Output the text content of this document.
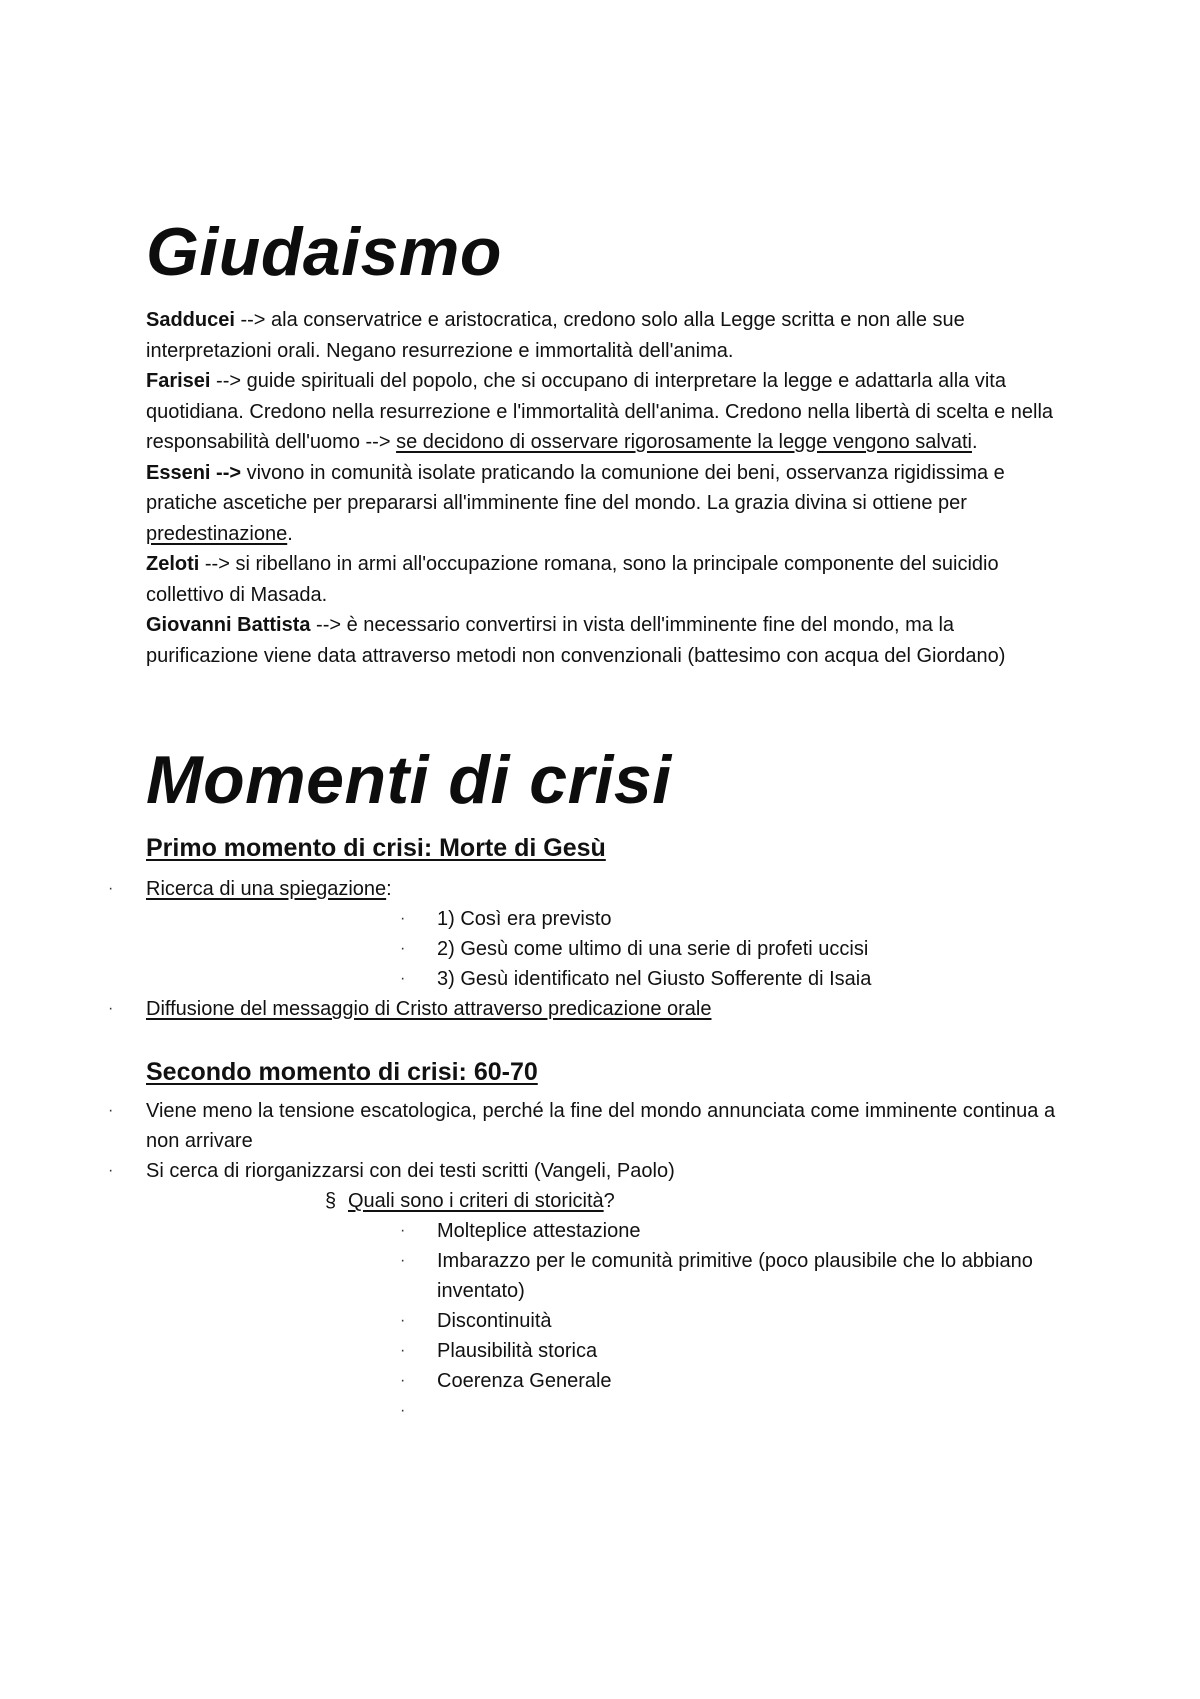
Giudaismo

Sadducei --> ala conservatrice e aristocratica, credono solo alla Legge scritta e non alle sue interpretazioni orali. Negano resurrezione e immortalità dell'anima.

Farisei --> guide spirituali del popolo, che si occupano di interpretare la legge e adattarla alla vita quotidiana. Credono nella resurrezione e l'immortalità dell'anima. Credono nella libertà di scelta e nella responsabilità dell'uomo --> se decidono di osservare rigorosamente la legge vengono salvati.

Esseni --> vivono in comunità isolate praticando la comunione dei beni, osservanza rigidissima e pratiche ascetiche per prepararsi all'imminente fine del mondo. La grazia divina si ottiene per predestinazione.

Zeloti --> si ribellano in armi all'occupazione romana, sono la principale componente del suicidio collettivo di Masada.

Giovanni Battista --> è necessario convertirsi in vista dell'imminente fine del mondo, ma la purificazione viene data attraverso metodi non convenzionali (battesimo con acqua del Giordano)

Momenti di crisi
Primo momento di crisi: Morte di Gesù
· Ricerca di una spiegazione:
· 1) Così era previsto
· 2) Gesù come ultimo di una serie di profeti uccisi
· 3) Gesù identificato nel Giusto Sofferente di Isaia
· Diffusione del messaggio di Cristo attraverso predicazione orale
Secondo momento di crisi: 60-70
· Viene meno la tensione escatologica, perché la fine del mondo annunciata come imminente continua a non arrivare
· Si cerca di riorganizzarsi con dei testi scritti (Vangeli, Paolo)
§ Quali sono i criteri di storicità?
· Molteplice attestazione
· Imbarazzo per le comunità primitive (poco plausibile che lo abbiano inventato)
· Discontinuità
· Plausibilità storica
· Coerenza Generale
·
